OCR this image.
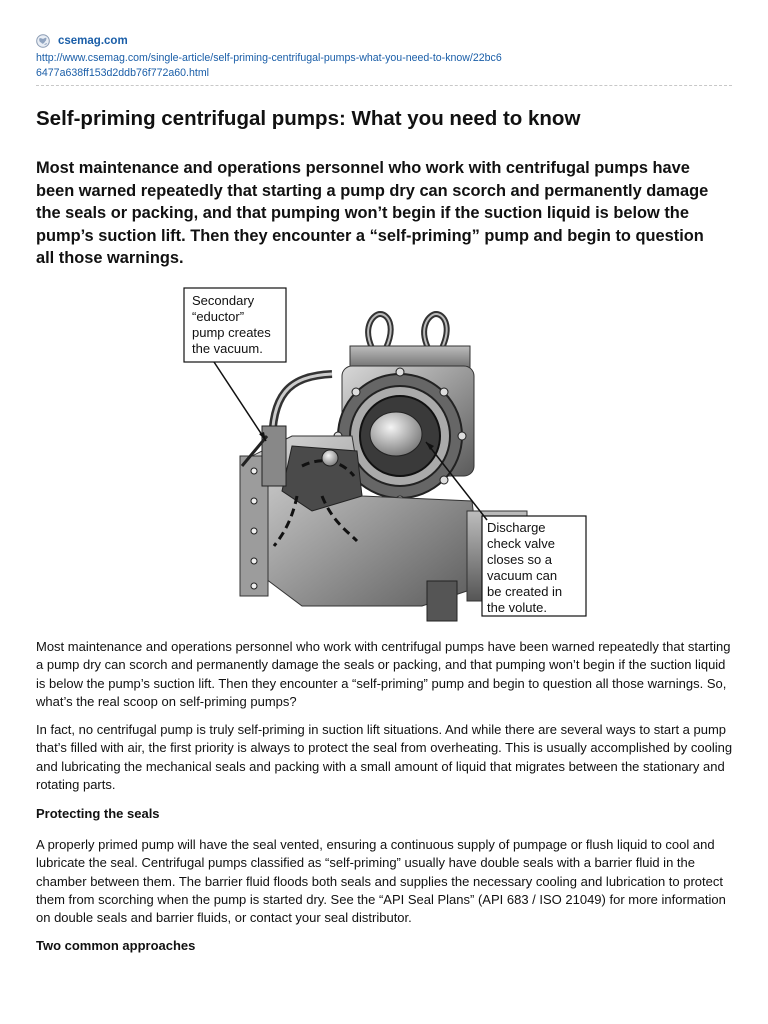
csemag.com
http://www.csemag.com/single-article/self-priming-centrifugal-pumps-what-you-need-to-know/22bc66477a638ff153d2ddb76f772a60.html
Self-priming centrifugal pumps: What you need to know

Most maintenance and operations personnel who work with centrifugal pumps have been warned repeatedly that starting a pump dry can scorch and permanently damage the seals or packing, and that pumping won’t begin if the suction liquid is below the pump’s suction lift. Then they encounter a “self-priming” pump and begin to question all those warnings.

Secondary
“eductor”
pump creates
the vacuum.
Discharge
check valve
closes so a
vacuum can
be created in
the volute.

Most maintenance and operations personnel who work with centrifugal pumps have been warned repeatedly that starting a pump dry can scorch and permanently damage the seals or packing, and that pumping won’t begin if the suction liquid is below the pump’s suction lift. Then they encounter a “self-priming” pump and begin to question all those warnings. So, what’s the real scoop on self-priming pumps?

In fact, no centrifugal pump is truly self-priming in suction lift situations. And while there are several ways to start a pump that’s filled with air, the first priority is always to protect the seal from overheating. This is usually accomplished by cooling and lubricating the mechanical seals and packing with a small amount of liquid that migrates between the stationary and rotating parts.

Protecting the seals

A properly primed pump will have the seal vented, ensuring a continuous supply of pumpage or flush liquid to cool and lubricate the seal. Centrifugal pumps classified as “self-priming” usually have double seals with a barrier fluid in the chamber between them. The barrier fluid floods both seals and supplies the necessary cooling and lubrication to protect them from scorching when the pump is started dry. See the “API Seal Plans” (API 683 / ISO 21049) for more information on double seals and barrier fluids, or contact your seal distributor.

Two common approaches
